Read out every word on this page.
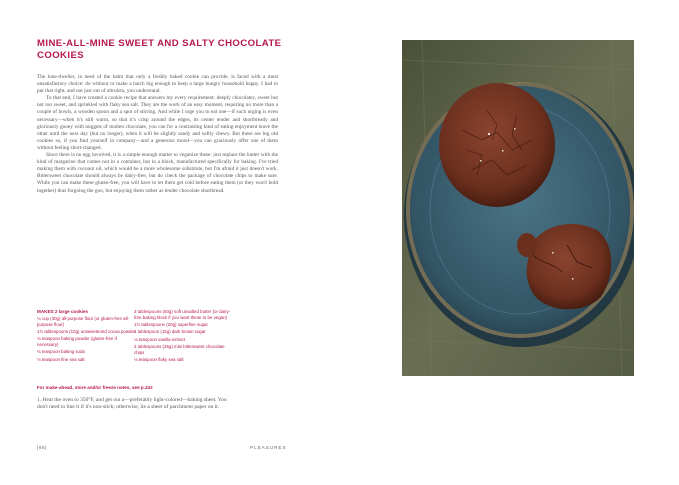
MINE-ALL-MINE SWEET AND SALTY CHOCOLATE COOKIES

The lone-dweller, in need of the balm that only a freshly baked cookie can provide, is faced with a most unsatisfactory choice: do without or make a batch big enough to keep a large hungry household happy. I had to put that right, and not just out of altruism, you understand.

To that end, I have created a cookie recipe that answers my every requirement: deeply chocolatey, sweet but not too sweet, and sprinkled with flaky sea salt. They are the work of an easy moment, requiring no more than a couple of bowls, a wooden spoon and a spot of stirring. And while I urge you to eat one—if such urging is even necessary—when it's still warm, so that it's crisp around the edges, its center tender and shortbready and gloriously gooey with nuggets of molten chocolate, you can for a contrasting kind of eating enjoyment leave the other until the next day (but no longer), when it will be slightly sandy and softly chewy. But these are big old cookies so, if you find yourself in company—and a generous mood—you can graciously offer one of them without feeling short-changed.

Since there is no egg involved, it is a simple enough matter to veganize these: just replace the butter with the kind of margarine that comes not in a container, but in a block, manufactured specifically for baking. I've tried making them with coconut oil, which would be a more wholesome substitute, but I'm afraid it just doesn't work. Bittersweet chocolate should always be dairy-free, but do check the package of chocolate chips to make sure. While you can make these gluten-free, you will have to let them get cold before eating them (or they won't hold together) thus forgoing the goo, but enjoying them rather as tender chocolate shortbread.

MAKES 2 large cookies
¼ cup (30g) all-purpose flour (or gluten-free all-purpose flour)
1½ tablespoons (10g) unsweetened cocoa powder
⅛ teaspoon baking powder (gluten-free if necessary)
⅛ teaspoon baking soda
⅛ teaspoon fine sea salt
3 tablespoons (50g) soft unsalted butter (or dairy-free baking block if you want these to be vegan)
1½ tablespoons (20g) superfine sugar
1 tablespoon (15g) dark brown sugar
⅛ teaspoon vanilla extract
2 tablespoons (25g) mini bittersweet chocolate chips
⅛ teaspoon flaky sea salt
For make-ahead, store and/or freeze notes, see p.332
1. Heat the oven to 350°F, and get out a—preferably light-colored—baking sheet. You don't need to line it if it's non-stick; otherwise, lie a sheet of parchment paper on it.
[86]	PLEASURES
